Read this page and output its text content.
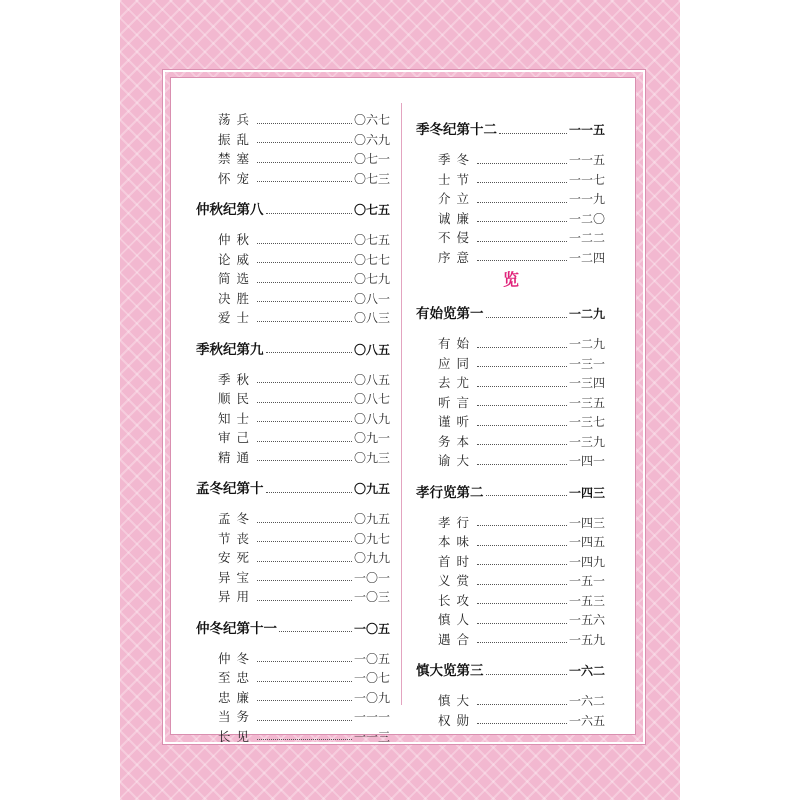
荡兵	〇六七
振乱	〇六九
禁塞	〇七一
怀宠	〇七三
仲秋纪第八	〇七五
仲秋	〇七五
论威	〇七七
简选	〇七九
决胜	〇八一
爱士	〇八三
季秋纪第九	〇八五
季秋	〇八五
顺民	〇八七
知士	〇八九
审己	〇九一
精通	〇九三
孟冬纪第十	〇九五
孟冬	〇九五
节丧	〇九七
安死	〇九九
异宝	一〇一
异用	一〇三
仲冬纪第十一	一〇五
仲冬	一〇五
至忠	一〇七
忠廉	一〇九
当务	一一一
长见	一一三
季冬纪第十二	一一五
季冬	一一五
士节	一一七
介立	一一九
诚廉	一二〇
不侵	一二二
序意	一二四
有始览第一	一二九
有始	一二九
应同	一三一
去尤	一三四
听言	一三五
谨听	一三七
务本	一三九
谕大	一四一
孝行览第二	一四三
孝行	一四三
本味	一四五
首时	一四九
义赏	一五一
长攻	一五三
慎人	一五六
遇合	一五九
慎大览第三	一六二
慎大	一六二
权勋	一六五
览
